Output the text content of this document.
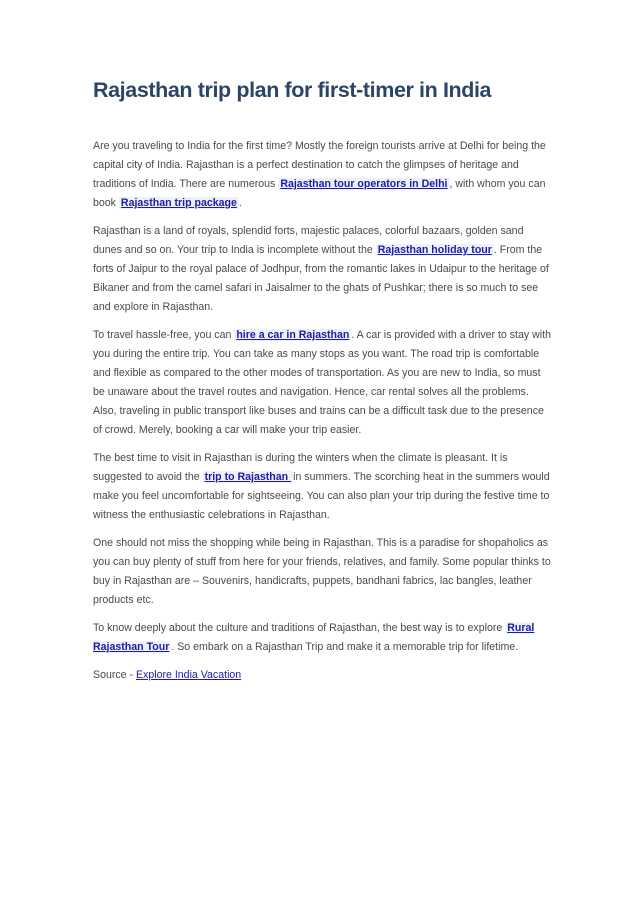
Rajasthan trip plan for first-timer in India

Are you traveling to India for the first time? Mostly the foreign tourists arrive at Delhi for being the capital city of India. Rajasthan is a perfect destination to catch the glimpses of heritage and traditions of India. There are numerous Rajasthan tour operators in Delhi , with whom you can book Rajasthan trip package .

Rajasthan is a land of royals, splendid forts, majestic palaces, colorful bazaars, golden sand dunes and so on. Your trip to India is incomplete without the Rajasthan holiday tour . From the forts of Jaipur to the royal palace of Jodhpur, from the romantic lakes in Udaipur to the heritage of Bikaner and from the camel safari in Jaisalmer to the ghats of Pushkar; there is so much to see and explore in Rajasthan.

To travel hassle-free, you can hire a car in Rajasthan . A car is provided with a driver to stay with you during the entire trip. You can take as many stops as you want. The road trip is comfortable and flexible as compared to the other modes of transportation. As you are new to India, so must be unaware about the travel routes and navigation. Hence, car rental solves all the problems. Also, traveling in public transport like buses and trains can be a difficult task due to the presence of crowd. Merely, booking a car will make your trip easier.

The best time to visit in Rajasthan is during the winters when the climate is pleasant. It is suggested to avoid the trip to Rajasthan in summers. The scorching heat in the summers would make you feel uncomfortable for sightseeing. You can also plan your trip during the festive time to witness the enthusiastic celebrations in Rajasthan.

One should not miss the shopping while being in Rajasthan. This is a paradise for shopaholics as you can buy plenty of stuff from here for your friends, relatives, and family. Some popular thinks to buy in Rajasthan are – Souvenirs, handicrafts, puppets, bandhani fabrics, lac bangles, leather products etc.

To know deeply about the culture and traditions of Rajasthan, the best way is to explore Rural Rajasthan Tour . So embark on a Rajasthan Trip and make it a memorable trip for lifetime.

Source - Explore India Vacation
